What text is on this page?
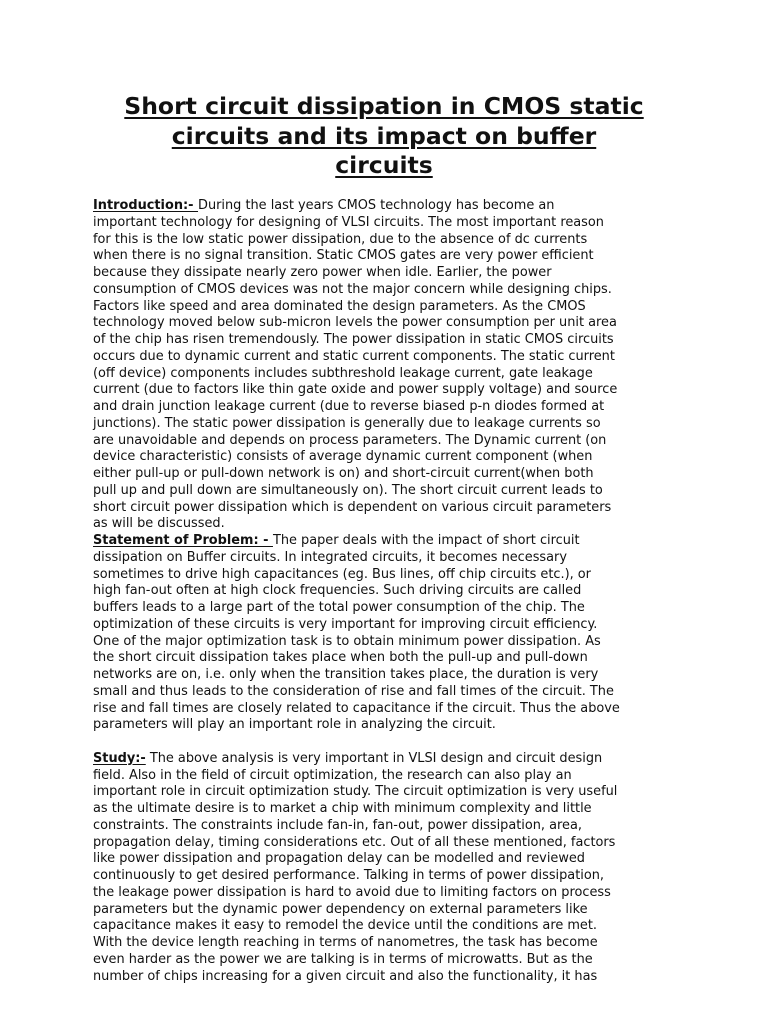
Short circuit dissipation in CMOS static
circuits and its impact on buffer
circuits
Introduction:- During the last years CMOS technology has become an
important technology for designing of VLSI circuits. The most important reason
for this is the low static power dissipation, due to the absence of dc currents
when there is no signal transition. Static CMOS gates are very power efficient
because they dissipate nearly zero power when idle. Earlier, the power
consumption of CMOS devices was not the major concern while designing chips.
Factors like speed and area dominated the design parameters. As the CMOS
technology moved below sub-micron levels the power consumption per unit area
of the chip has risen tremendously. The power dissipation in static CMOS circuits
occurs due to dynamic current and static current components. The static current
(off device) components includes subthreshold leakage current, gate leakage
current (due to factors like thin gate oxide and power supply voltage) and source
and drain junction leakage current (due to reverse biased p-n diodes formed at
junctions). The static power dissipation is generally due to leakage currents so
are unavoidable and depends on process parameters. The Dynamic current (on
device characteristic) consists of average dynamic current component (when
either pull-up or pull-down network is on) and short-circuit current(when both
pull up and pull down are simultaneously on). The short circuit current leads to
short circuit power dissipation which is dependent on various circuit parameters
as will be discussed.
Statement of Problem: - The paper deals with the impact of short circuit
dissipation on Buffer circuits. In integrated circuits, it becomes necessary
sometimes to drive high capacitances (eg. Bus lines, off chip circuits etc.), or
high fan-out often at high clock frequencies. Such driving circuits are called
buffers leads to a large part of the total power consumption of the chip. The
optimization of these circuits is very important for improving circuit efficiency.
One of the major optimization task is to obtain minimum power dissipation. As
the short circuit dissipation takes place when both the pull-up and pull-down
networks are on, i.e. only when the transition takes place, the duration is very
small and thus leads to the consideration of rise and fall times of the circuit. The
rise and fall times are closely related to capacitance if the circuit. Thus the above
parameters will play an important role in analyzing the circuit.
Study:- The above analysis is very important in VLSI design and circuit design
field. Also in the field of circuit optimization, the research can also play an
important role in circuit optimization study. The circuit optimization is very useful
as the ultimate desire is to market a chip with minimum complexity and little
constraints. The constraints include fan-in, fan-out, power dissipation, area,
propagation delay, timing considerations etc. Out of all these mentioned, factors
like power dissipation and propagation delay can be modelled and reviewed
continuously to get desired performance. Talking in terms of power dissipation,
the leakage power dissipation is hard to avoid due to limiting factors on process
parameters but the dynamic power dependency on external parameters like
capacitance makes it easy to remodel the device until the conditions are met.
With the device length reaching in terms of nanometres, the task has become
even harder as the power we are talking is in terms of microwatts. But as the
number of chips increasing for a given circuit and also the functionality, it has
